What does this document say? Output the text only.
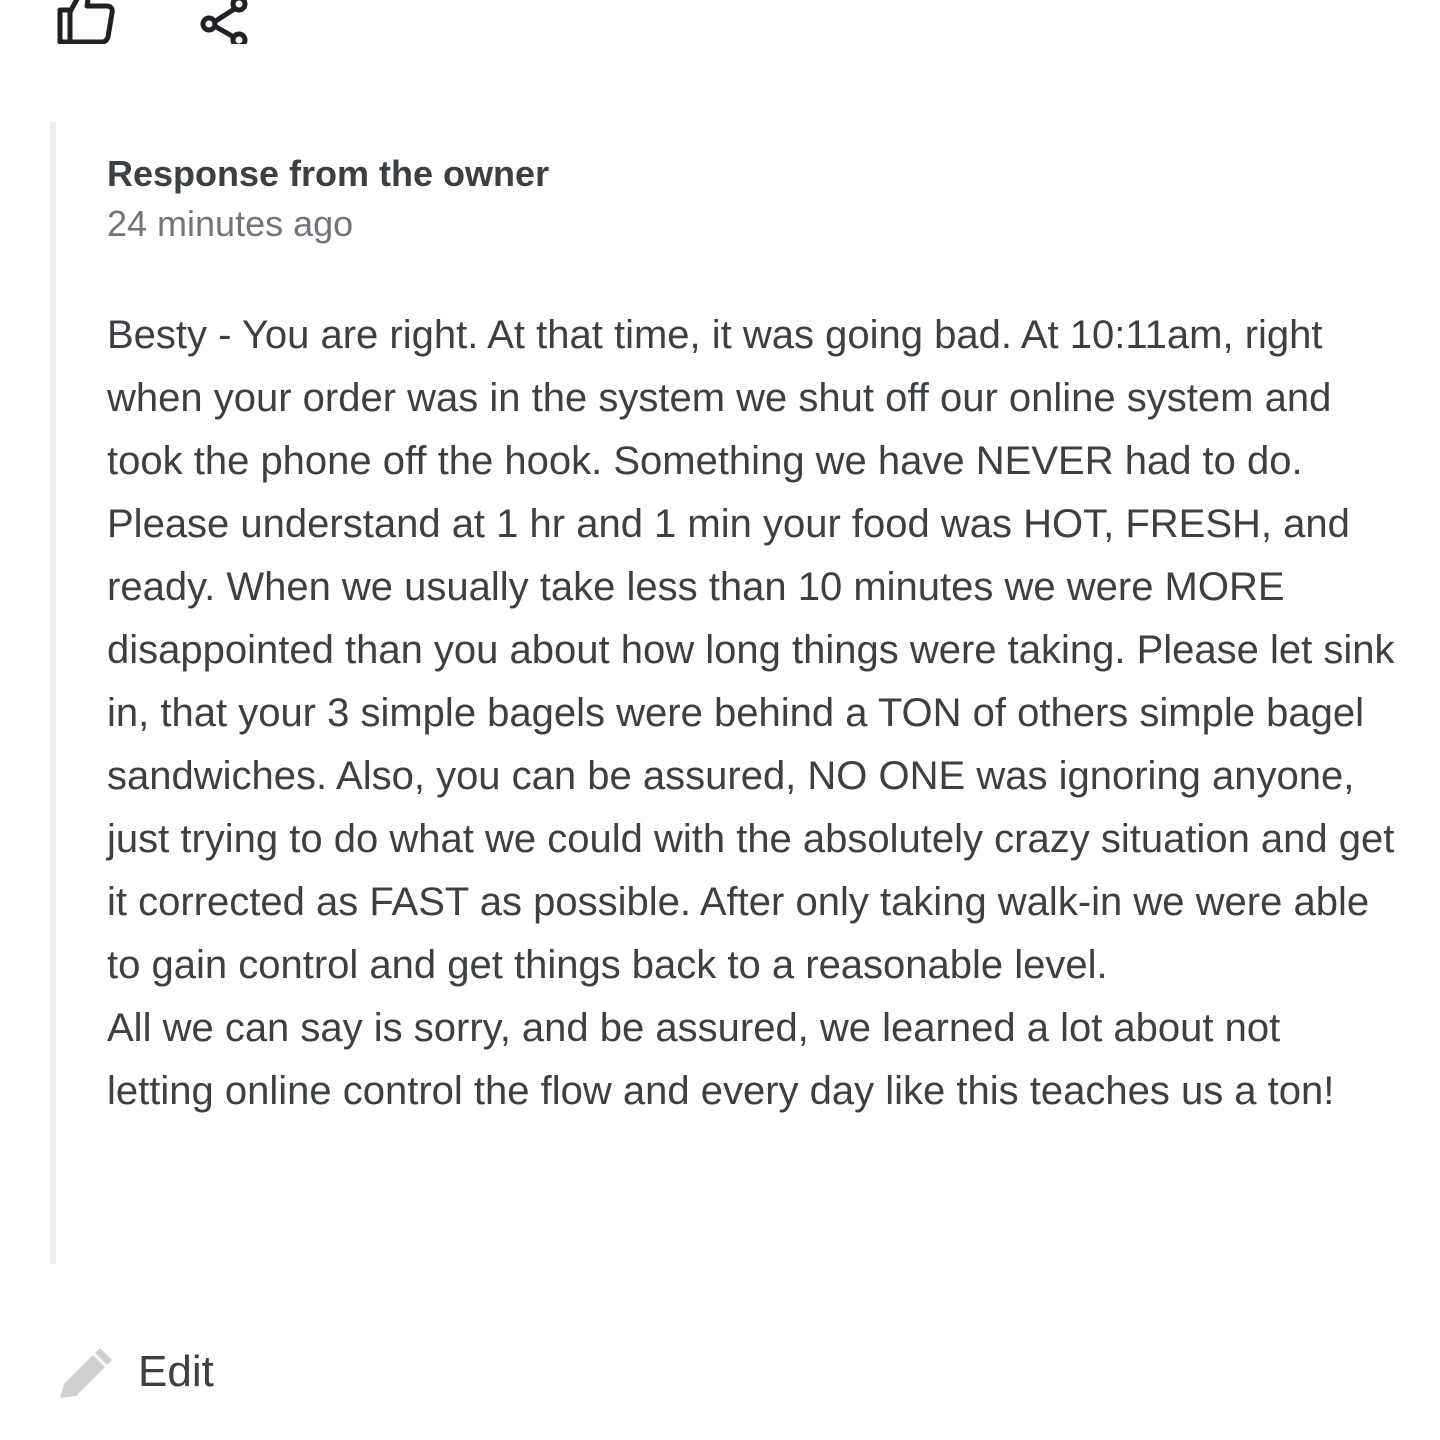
Response from the owner
24 minutes ago
Besty - You are right. At that time, it was going bad. At 10:11am, right when your order was in the system we shut off our online system and took the phone off the hook. Something we have NEVER had to do. Please understand at 1 hr and 1 min your food was HOT, FRESH, and ready. When we usually take less than 10 minutes we were MORE disappointed than you about how long things were taking. Please let sink in, that your 3 simple bagels were behind a TON of others simple bagel sandwiches. Also, you can be assured, NO ONE was ignoring anyone, just trying to do what we could with the absolutely crazy situation and get it corrected as FAST as possible. After only taking walk-in we were able to gain control and get things back to a reasonable level.
All we can say is sorry, and be assured, we learned a lot about not letting online control the flow and every day like this teaches us a ton!
Edit
